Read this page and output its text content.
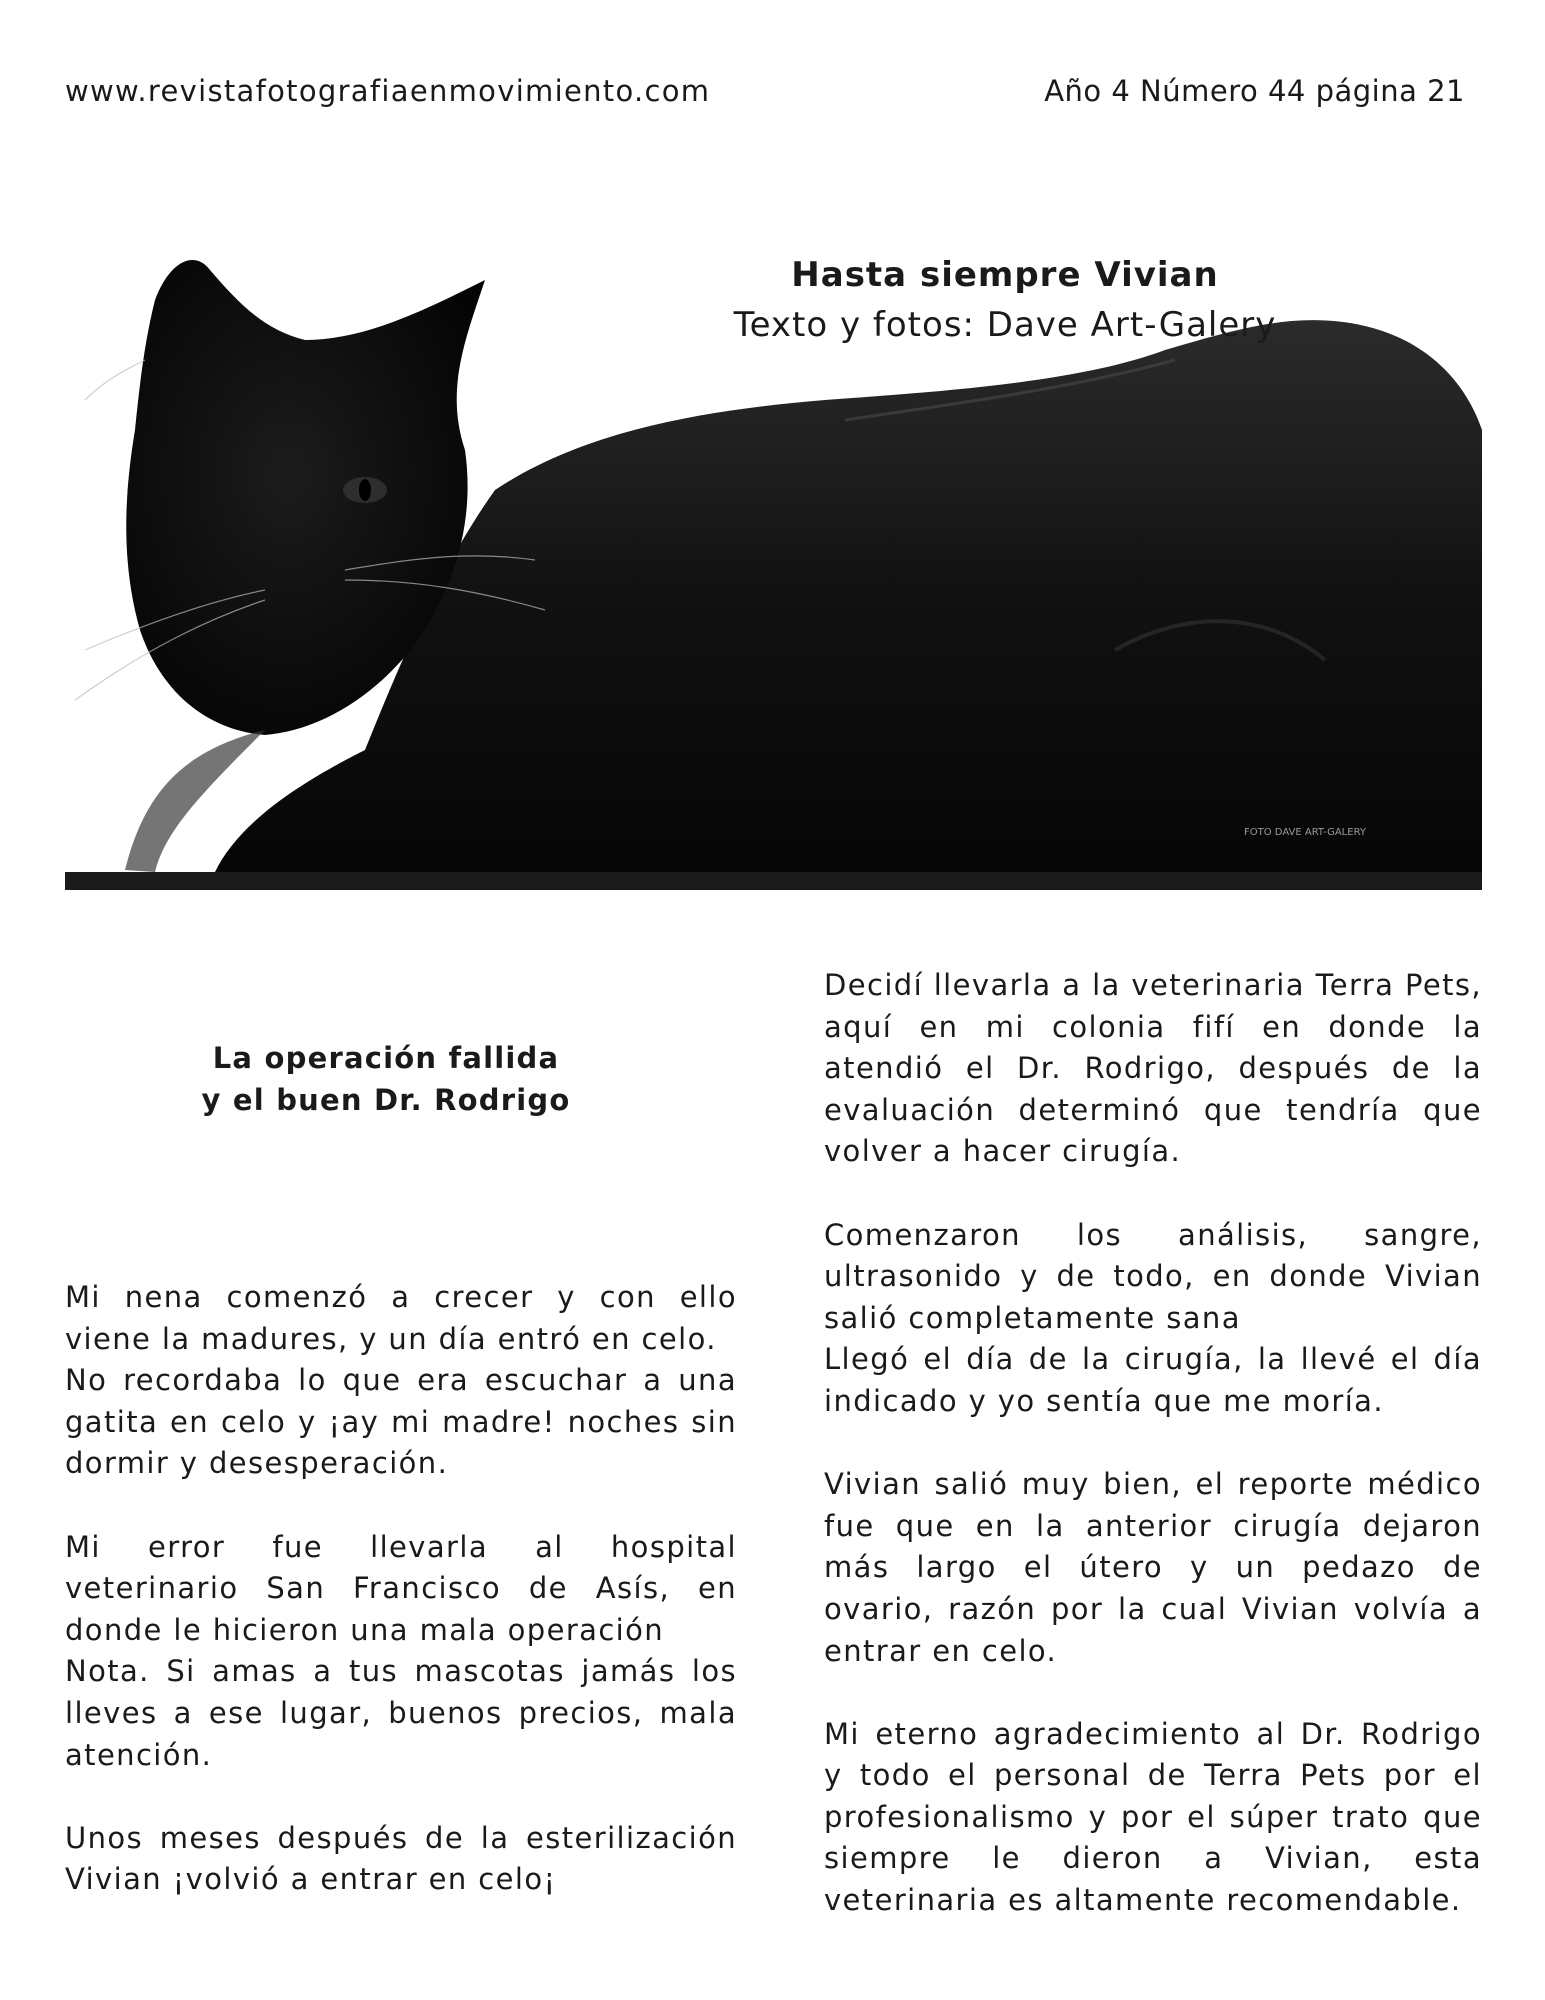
www.revistafotografiaenmovimiento.com	Año 4 Número 44 página 21
FOTO DAVE ART-GALERY
Hasta siempre Vivian
Texto y fotos: Dave Art-Galery
La operación fallida
y el buen Dr. Rodrigo

Mi nena comenzó a crecer y con ello viene la madures, y un día entró en celo.

No recordaba lo que era escuchar a una gatita en celo y ¡ay mi madre! noches sin dormir y desesperación.

Mi error fue llevarla al hospital veterinario San Francisco de Asís, en donde le hicieron una mala operación

Nota. Si amas a tus mascotas jamás los lleves a ese lugar, buenos precios, mala atención.

Unos meses después de la esterilización Vivian ¡volvió a entrar en celo¡

Decidí llevarla a la veterinaria Terra Pets, aquí en mi colonia fifí en donde la atendió el Dr. Rodrigo, después de la evaluación determinó que tendría que volver a hacer cirugía.

Comenzaron los análisis, sangre, ultrasonido y de todo, en donde Vivian salió completamente sana

Llegó el día de la cirugía, la llevé el día indicado y yo sentía que me moría.

Vivian salió muy bien, el reporte médico fue que en la anterior cirugía dejaron más largo el útero y un pedazo de ovario, razón por la cual Vivian volvía a entrar en celo.

Mi eterno agradecimiento al Dr. Rodrigo y todo el personal de Terra Pets por el profesionalismo y por el súper trato que siempre le dieron a Vivian, esta veterinaria es altamente recomendable.
